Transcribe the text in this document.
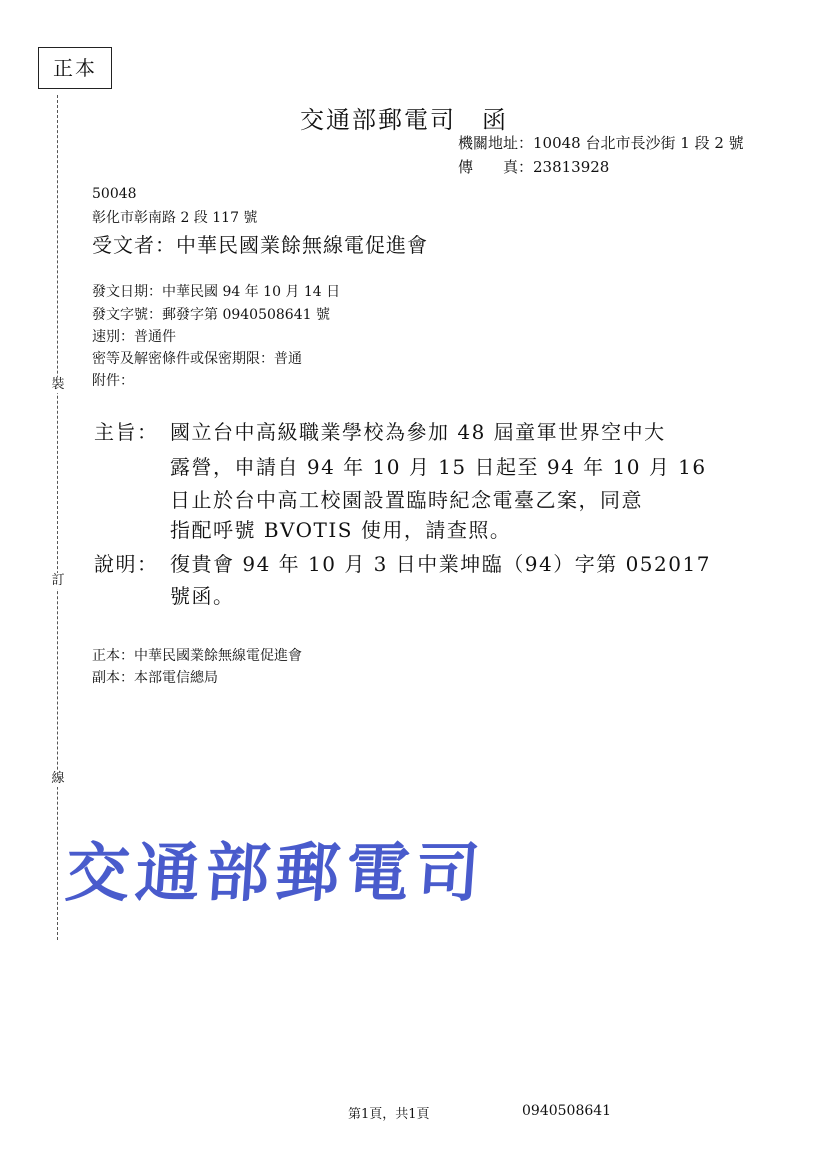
正本
裝
訂
線
交通部郵電司　函
機關地址：10048 台北市長沙街 1 段 2 號
傳　　真：23813928
50048
彰化市彰南路 2 段 117 號
受文者：中華民國業餘無線電促進會
發文日期：中華民國 94 年 10 月 14 日
發文字號：郵發字第 0940508641 號
速別：普通件
密等及解密條件或保密期限：普通
附件：
主旨： 國立台中高級職業學校為參加 48 屆童軍世界空中大
露營，申請自 94 年 10 月 15 日起至 94 年 10 月 16
日止於台中高工校園設置臨時紀念電臺乙案，同意
指配呼號 BVOTIS 使用，請查照。
說明： 復貴會 94 年 10 月 3 日中業坤臨（94）字第 052017
號函。
正本：中華民國業餘無線電促進會
副本：本部電信總局
交通部郵電司
第1頁，共1頁	0940508641
